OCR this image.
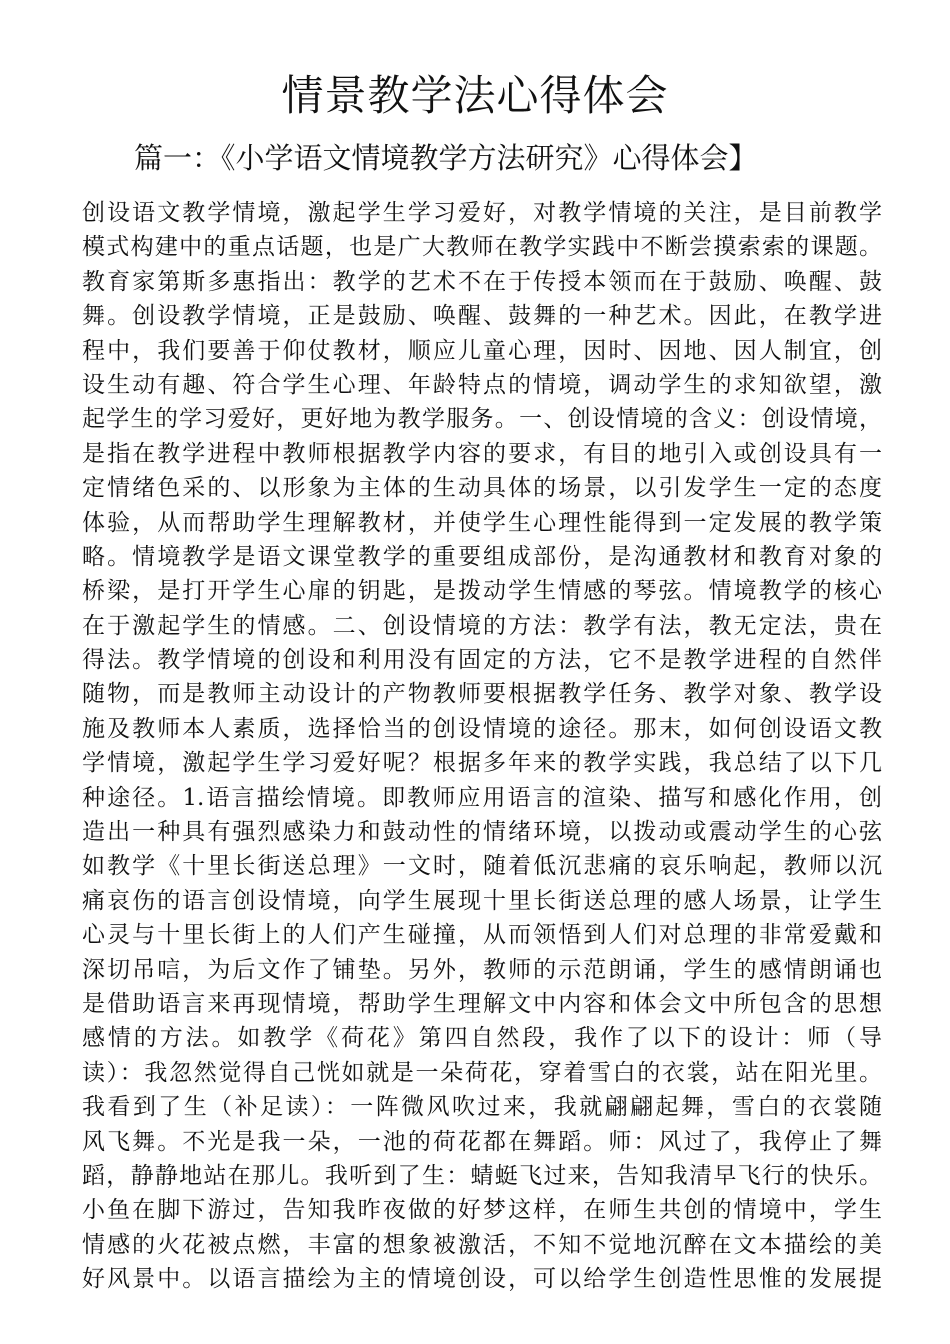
情景教学法心得体会
篇一：《小学语文情境教学方法研究》心得体会】
创设语文教学情境，激起学生学习爱好，对教学情境的关注，是目前教学
模式构建中的重点话题，也是广大教师在教学实践中不断尝摸索索的课题。
教育家第斯多惠指出：教学的艺术不在于传授本领而在于鼓励、唤醒、鼓
舞。创设教学情境，正是鼓励、唤醒、鼓舞的一种艺术。因此，在教学进
程中，我们要善于仰仗教材，顺应儿童心理，因时、因地、因人制宜，创
设生动有趣、符合学生心理、年龄特点的情境，调动学生的求知欲望，激
起学生的学习爱好，更好地为教学服务。一、创设情境的含义：创设情境，
是指在教学进程中教师根据教学内容的要求，有目的地引入或创设具有一
定情绪色采的、以形象为主体的生动具体的场景，以引发学生一定的态度
体验，从而帮助学生理解教材，并使学生心理性能得到一定发展的教学策
略。情境教学是语文课堂教学的重要组成部份，是沟通教材和教育对象的
桥梁，是打开学生心扉的钥匙，是拨动学生情感的琴弦。情境教学的核心
在于激起学生的情感。二、创设情境的方法：教学有法，教无定法，贵在
得法。教学情境的创设和利用没有固定的方法，它不是教学进程的自然伴
随物，而是教师主动设计的产物教师要根据教学任务、教学对象、教学设
施及教师本人素质，选择恰当的创设情境的途径。那末，如何创设语文教
学情境，激起学生学习爱好呢？根据多年来的教学实践，我总结了以下几
种途径。1.语言描绘情境。即教师应用语言的渲染、描写和感化作用，创
造出一种具有强烈感染力和鼓动性的情绪环境，以拨动或震动学生的心弦
如教学《十里长街送总理》一文时，随着低沉悲痛的哀乐响起，教师以沉
痛哀伤的语言创设情境，向学生展现十里长街送总理的感人场景，让学生
心灵与十里长街上的人们产生碰撞，从而领悟到人们对总理的非常爱戴和
深切吊唁，为后文作了铺垫。另外，教师的示范朗诵，学生的感情朗诵也
是借助语言来再现情境，帮助学生理解文中内容和体会文中所包含的思想
感情的方法。如教学《荷花》第四自然段，我作了以下的设计：师（导
读）：我忽然觉得自己恍如就是一朵荷花，穿着雪白的衣裳，站在阳光里。
我看到了生（补足读）：一阵微风吹过来，我就翩翩起舞，雪白的衣裳随
风飞舞。不光是我一朵，一池的荷花都在舞蹈。师：风过了，我停止了舞
蹈，静静地站在那儿。我听到了生：蜻蜓飞过来，告知我清早飞行的快乐。
小鱼在脚下游过，告知我昨夜做的好梦这样，在师生共创的情境中，学生
情感的火花被点燃，丰富的想象被激活，不知不觉地沉醉在文本描绘的美
好风景中。以语言描绘为主的情境创设，可以给学生创造性思惟的发展提
